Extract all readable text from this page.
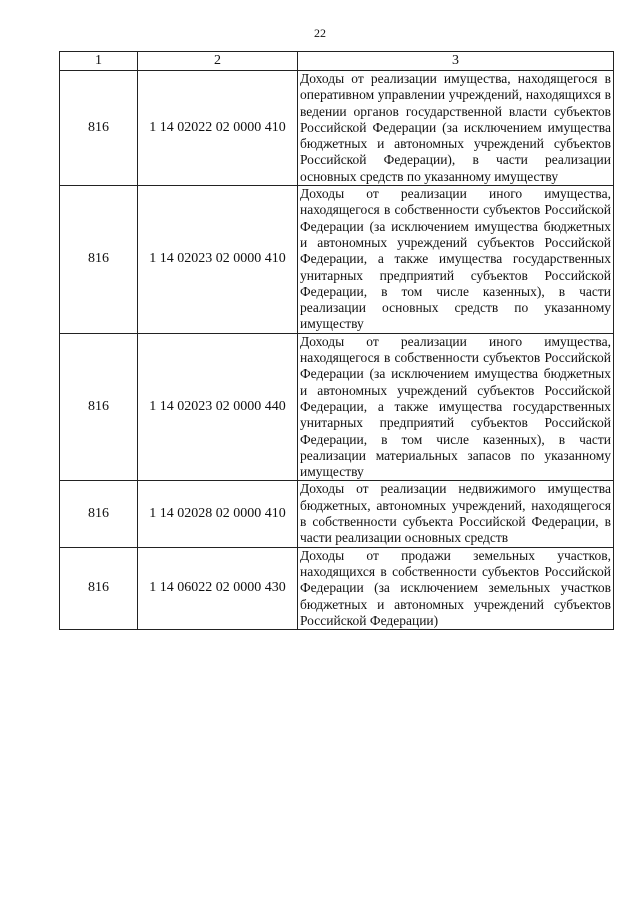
22
1	2	3
816	1 14 02022 02 0000 410	Доходы от реализации имущества, находящегося в оперативном управлении учреждений, находящихся в ведении органов государственной власти субъектов Российской Федерации (за исключением имущества бюджетных и автономных учреждений субъектов Российской Федерации), в части реализации основных средств по указанному имуществу

816	1 14 02023 02 0000 410	Доходы от реализации иного имущества, находящегося в собственности субъектов Российской Федерации (за исключением имущества бюджетных и автономных учреждений субъектов Российской Федерации, а также имущества государственных унитарных предприятий субъектов Российской Федерации, в том числе казенных), в части реализации основных средств по указанному имуществу

816	1 14 02023 02 0000 440	Доходы от реализации иного имущества, находящегося в собственности субъектов Российской Федерации (за исключением имущества бюджетных и автономных учреждений субъектов Российской Федерации, а также имущества государственных унитарных предприятий субъектов Российской Федерации, в том числе казенных), в части реализации материальных запасов по указанному имуществу

816	1 14 02028 02 0000 410	Доходы от реализации недвижимого имущества бюджетных, автономных учреждений, находящегося в собственности субъекта Российской Федерации, в части реализации основных средств

816	1 14 06022 02 0000 430	Доходы от продажи земельных участков, находящихся в собственности субъектов Российской Федерации (за исключением земельных участков бюджетных и автономных учреждений субъектов Российской Федерации)
